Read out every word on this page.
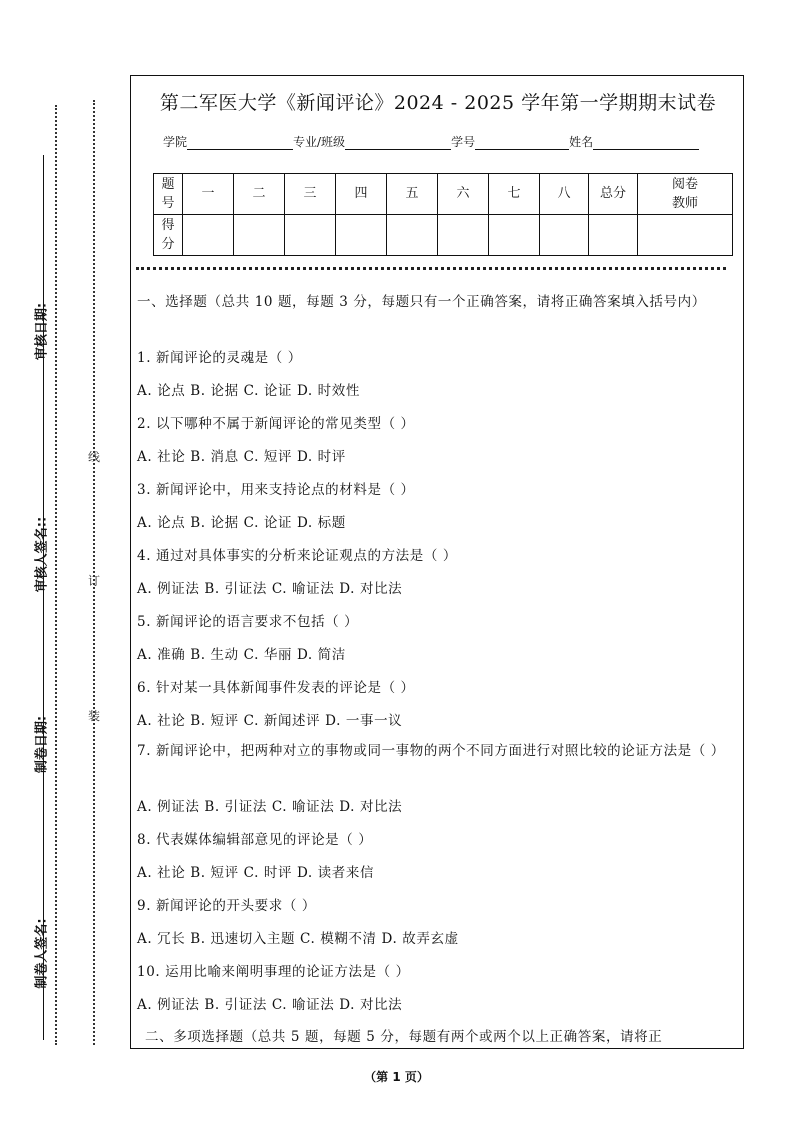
审核日期:
审核人签名::
制卷日期:
制卷人签名:
线
订
装
第二军医大学《新闻评论》2024 - 2025 学年第一学期期末试卷
学院	专业/班级	学号	姓名
题号	一	二	三	四	五	六	七	八	总分	阅卷教师
得分										
一、选择题（总共 10 题，每题 3 分，每题只有一个正确答案，请将正确答案填入括号内）
1. 新闻评论的灵魂是（ ）
A. 论点 B. 论据 C. 论证 D. 时效性
2. 以下哪种不属于新闻评论的常见类型（ ）
A. 社论 B. 消息 C. 短评 D. 时评
3. 新闻评论中，用来支持论点的材料是（ ）
A. 论点 B. 论据 C. 论证 D. 标题
4. 通过对具体事实的分析来论证观点的方法是（ ）
A. 例证法 B. 引证法 C. 喻证法 D. 对比法
5. 新闻评论的语言要求不包括（ ）
A. 准确 B. 生动 C. 华丽 D. 简洁
6. 针对某一具体新闻事件发表的评论是（ ）
A. 社论 B. 短评 C. 新闻述评 D. 一事一议
7. 新闻评论中，把两种对立的事物或同一事物的两个不同方面进行对照比较的论证方法是（ ）
A. 例证法 B. 引证法 C. 喻证法 D. 对比法
8. 代表媒体编辑部意见的评论是（ ）
A. 社论 B. 短评 C. 时评 D. 读者来信
9. 新闻评论的开头要求（ ）
A. 冗长 B. 迅速切入主题 C. 模糊不清 D. 故弄玄虚
10. 运用比喻来阐明事理的论证方法是（ ）
A. 例证法 B. 引证法 C. 喻证法 D. 对比法
二、多项选择题（总共 5 题，每题 5 分，每题有两个或两个以上正确答案，请将正
（第 1 页）
